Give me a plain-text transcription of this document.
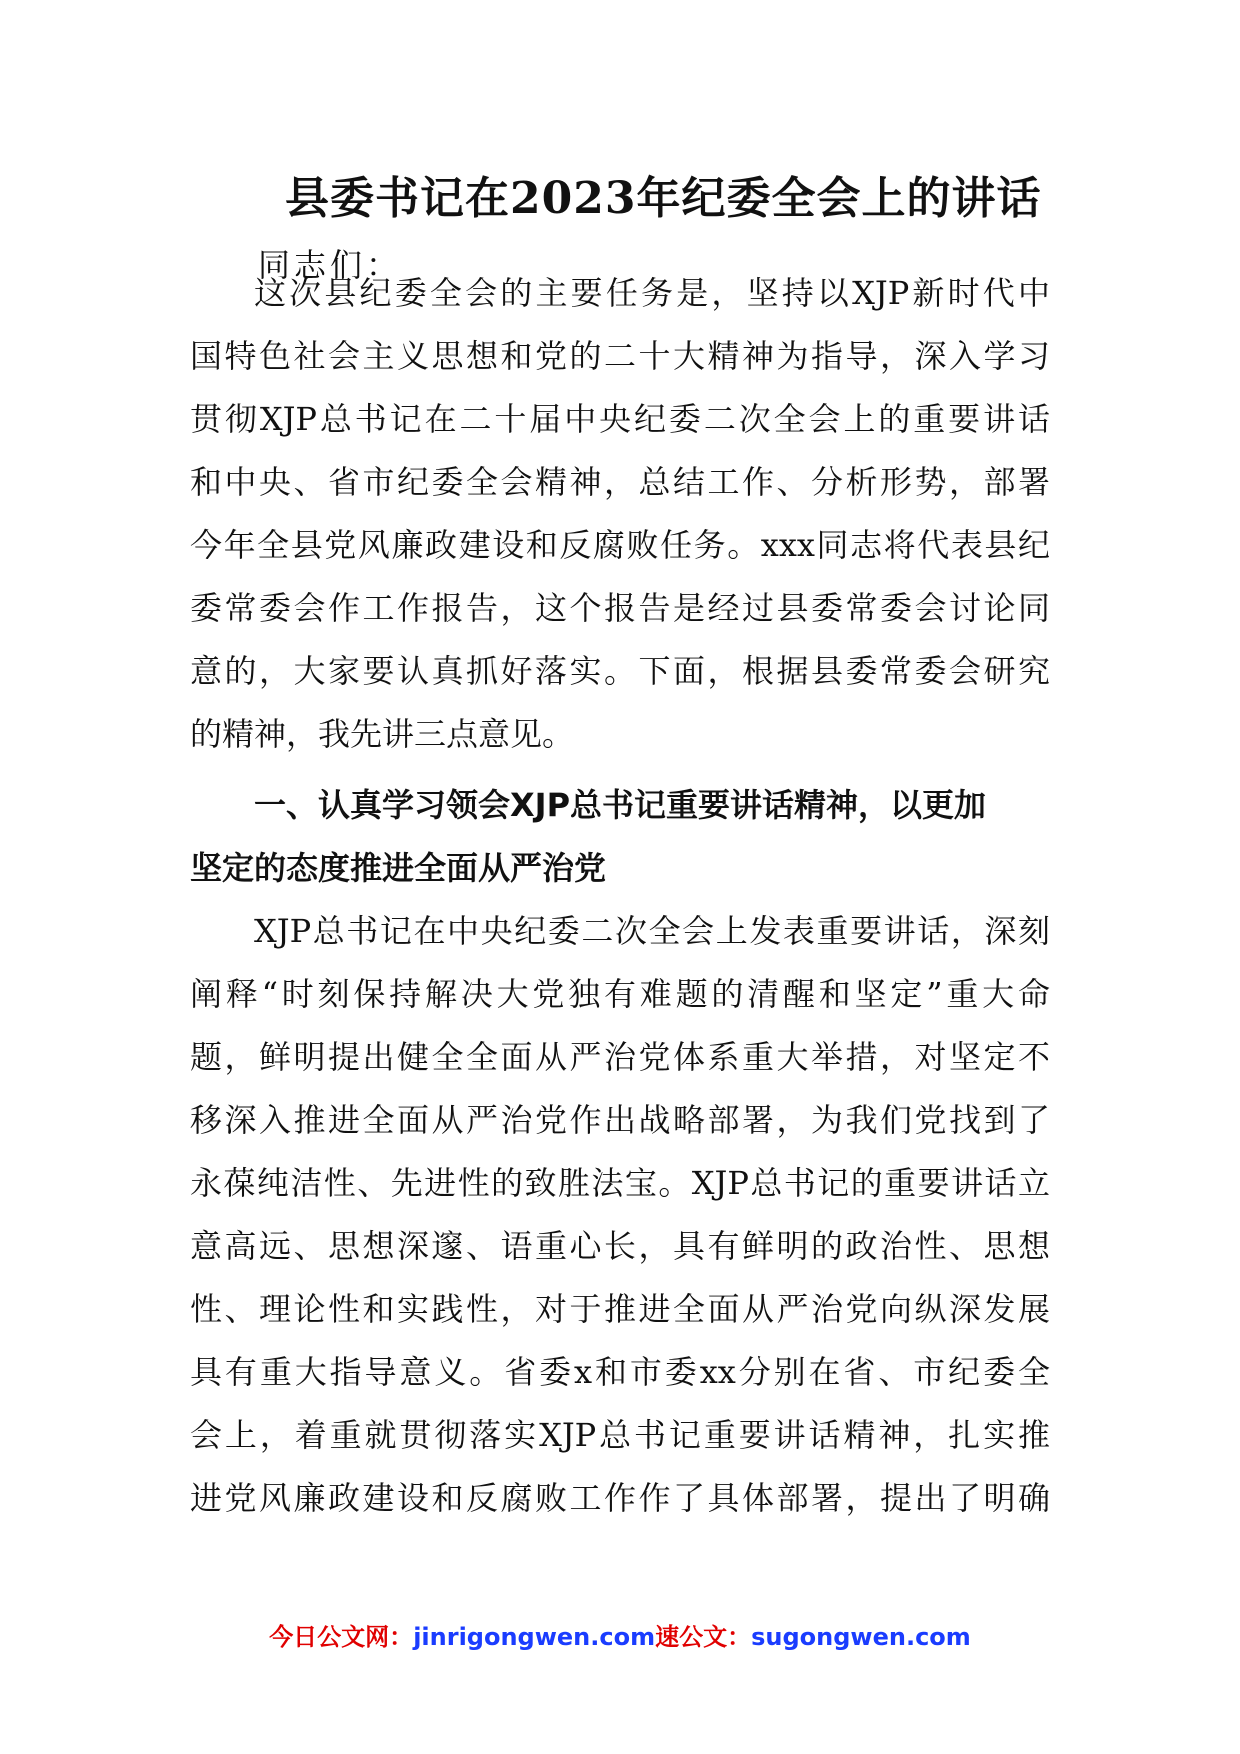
县委书记在2023年纪委全会上的讲话
同志们：
这次县纪委全会的主要任务是，坚持以XJP新时代中
国特色社会主义思想和党的二十大精神为指导，深入学习
贯彻XJP总书记在二十届中央纪委二次全会上的重要讲话
和中央、省市纪委全会精神，总结工作、分析形势，部署
今年全县党风廉政建设和反腐败任务。xxx同志将代表县纪
委常委会作工作报告，这个报告是经过县委常委会讨论同
意的，大家要认真抓好落实。下面，根据县委常委会研究
的精神，我先讲三点意见。
一、认真学习领会XJP总书记重要讲话精神，以更加
坚定的态度推进全面从严治党
XJP总书记在中央纪委二次全会上发表重要讲话，深刻
阐释“时刻保持解决大党独有难题的清醒和坚定”重大命
题，鲜明提出健全全面从严治党体系重大举措，对坚定不
移深入推进全面从严治党作出战略部署，为我们党找到了
永葆纯洁性、先进性的致胜法宝。XJP总书记的重要讲话立
意高远、思想深邃、语重心长，具有鲜明的政治性、思想
性、理论性和实践性，对于推进全面从严治党向纵深发展
具有重大指导意义。省委x和市委xx分别在省、市纪委全
会上，着重就贯彻落实XJP总书记重要讲话精神，扎实推
进党风廉政建设和反腐败工作作了具体部署，提出了明确
今日公文网：jinrigongwen.com速公文：sugongwen.com
